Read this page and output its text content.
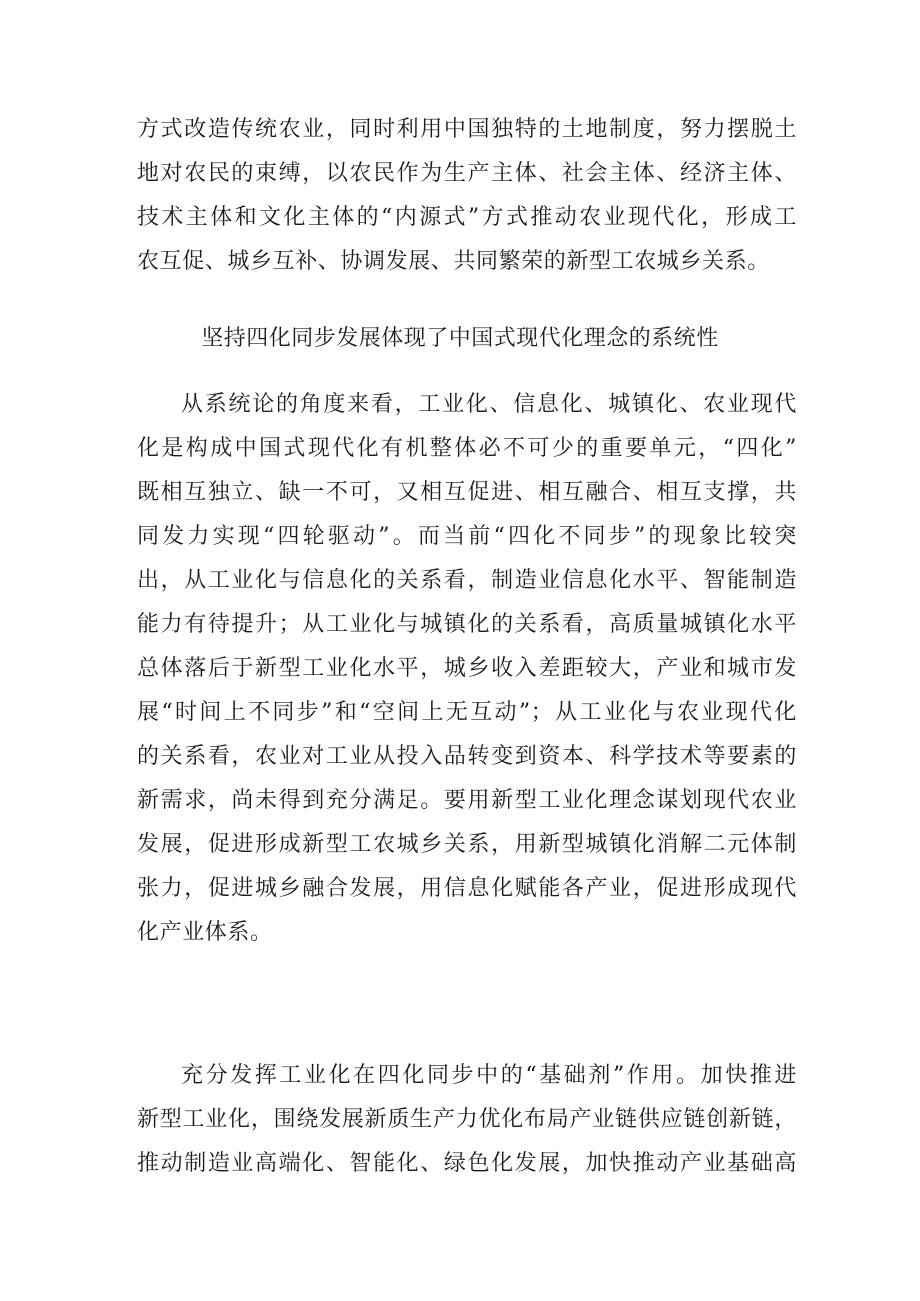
方式改造传统农业，同时利用中国独特的土地制度，努力摆脱土
地对农民的束缚，以农民作为生产主体、社会主体、经济主体、
技术主体和文化主体的“内源式”方式推动农业现代化，形成工
农互促、城乡互补、协调发展、共同繁荣的新型工农城乡关系。
坚持四化同步发展体现了中国式现代化理念的系统性
从系统论的角度来看，工业化、信息化、城镇化、农业现代
化是构成中国式现代化有机整体必不可少的重要单元，“四化”
既相互独立、缺一不可，又相互促进、相互融合、相互支撑，共
同发力实现“四轮驱动”。而当前“四化不同步”的现象比较突
出，从工业化与信息化的关系看，制造业信息化水平、智能制造
能力有待提升；从工业化与城镇化的关系看，高质量城镇化水平
总体落后于新型工业化水平，城乡收入差距较大，产业和城市发
展“时间上不同步”和“空间上无互动”；从工业化与农业现代化
的关系看，农业对工业从投入品转变到资本、科学技术等要素的
新需求，尚未得到充分满足。要用新型工业化理念谋划现代农业
发展，促进形成新型工农城乡关系，用新型城镇化消解二元体制
张力，促进城乡融合发展，用信息化赋能各产业，促进形成现代
化产业体系。
充分发挥工业化在四化同步中的“基础剂”作用。加快推进
新型工业化，围绕发展新质生产力优化布局产业链供应链创新链，
推动制造业高端化、智能化、绿色化发展，加快推动产业基础高
